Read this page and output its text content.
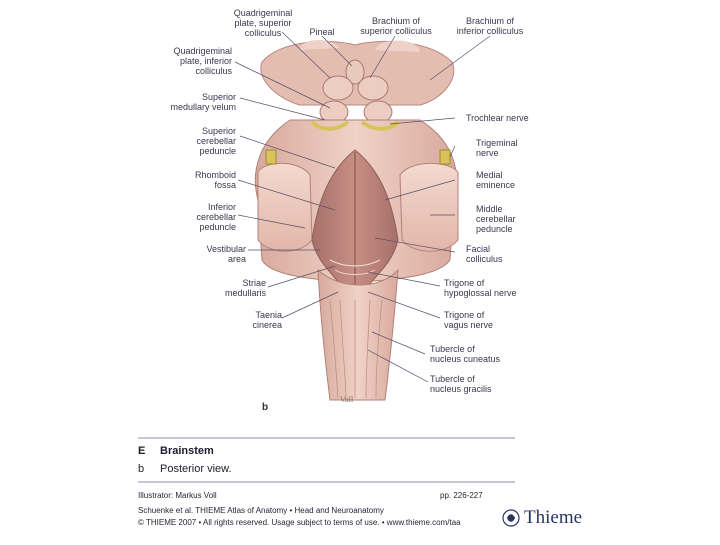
Voll
Quadrigeminal
plate, superior
colliculus	Pineal
Brachium of
superior colliculus
Brachium of
inferior colliculus
Quadrigeminal
plate, inferior
colliculus
Superior
medullary velum
Trochlear nerve
Superior
cerebellar
peduncle
Trigeminal
nerve
Rhomboid
fossa
Medial
eminence
Inferior
cerebellar
peduncle
Middle
cerebellar
peduncle
Vestibular
area
Facial
colliculus
Striae
medullaris
Trigone of
hypoglossal nerve
Taenia
cinerea
Trigone of
vagus nerve
Tubercle of
nucleus cuneatus
Tubercle of
nucleus gracilis
b
E Brainstem
b Posterior view.
Illustrator: Markus Voll	pp. 226-227
Schuenke et al. THIEME Atlas of Anatomy • Head and Neuroanatomy
© THIEME 2007 • All rights reserved. Usage subject to terms of use. • www.thieme.com/taa	Thieme
